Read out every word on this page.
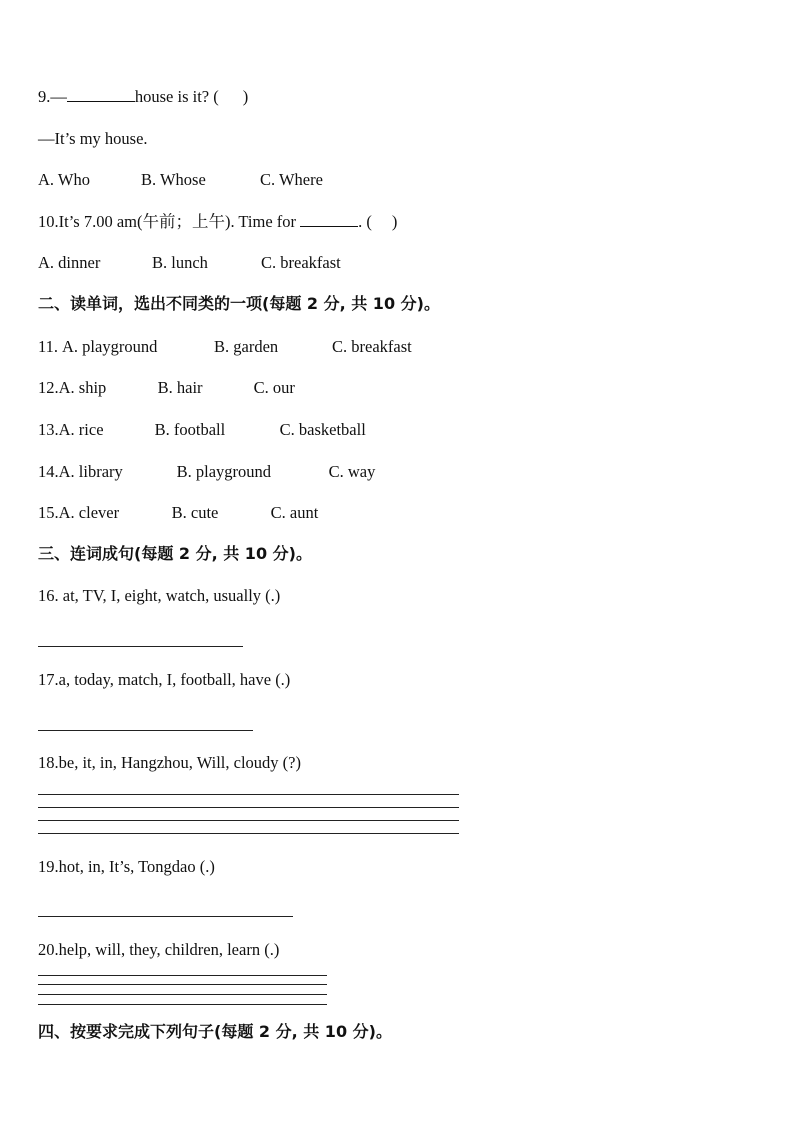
9.—	house is it? ( )
—It’s my house.
A. Who	B. Whose	C. Where
10.It’s 7.00 am(午前；上午). Time for	. ( )
A. dinner	B. lunch	C. breakfast
二、读单词，选出不同类的一项(每题 2 分, 共 10 分)。
11. A. playground	B. garden	C. breakfast
12.A. ship	B. hair	C. our
13.A. rice	B. football	C. basketball
14.A. library	B. playground	C. way
15.A. clever	B. cute	C. aunt
三、连词成句(每题 2 分, 共 10 分)。
16. at, TV, I, eight, watch, usually (.)
17.a, today, match, I, football, have (.)
18.be, it, in, Hangzhou, Will, cloudy (?)
19.hot, in, It’s, Tongdao (.)
20.help, will, they, children, learn (.)
四、按要求完成下列句子(每题 2 分, 共 10 分)。
